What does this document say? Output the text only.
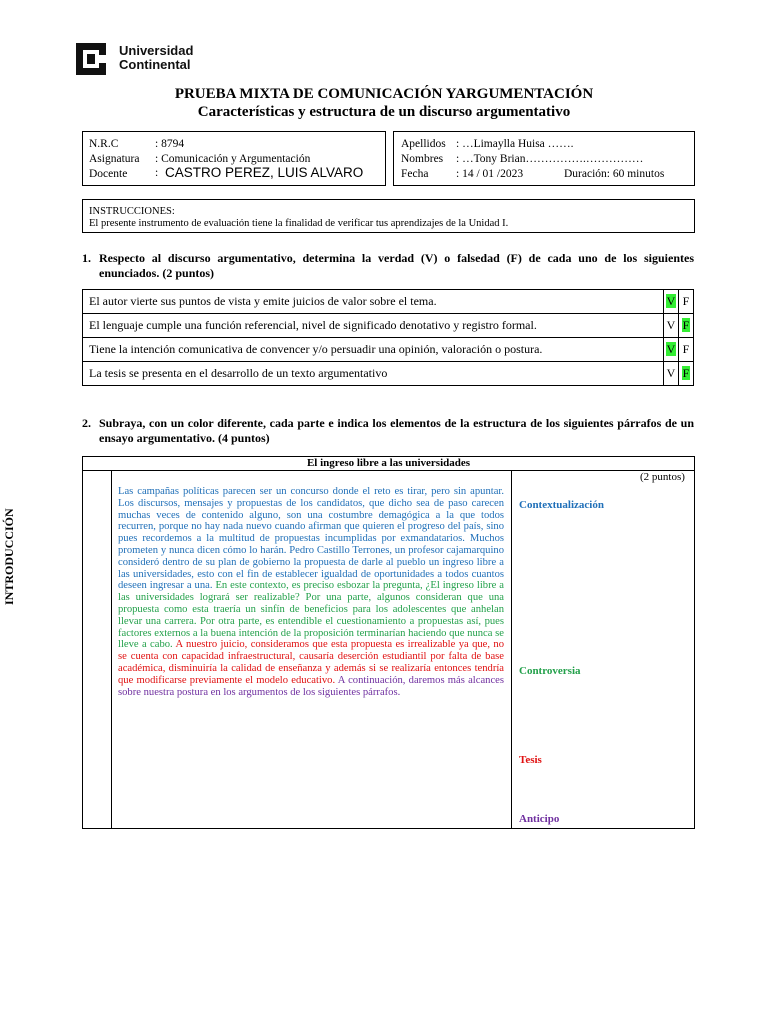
Universidad
Continental
PRUEBA MIXTA DE COMUNICACIÓN YARGUMENTACIÓN
Características y estructura de un discurso argumentativo
N.R.C	: 8794
Asignatura : Comunicación y Argumentación
Docente : CASTRO PEREZ, LUIS ALVARO
Apellidos : …Limaylla Huisa …….
Nombres : …Tony Brian…………….……………
Fecha : 14 / 01 /2023	Duración: 60 minutos
INSTRUCCIONES:
El presente instrumento de evaluación tiene la finalidad de verificar tus aprendizajes de la Unidad I.
1. Respecto al discurso argumentativo, determina la verdad (V) o falsedad (F) de cada uno de los siguientes enunciados. (2 puntos)
El autor vierte sus puntos de vista y emite juicios de valor sobre el tema.	V	F
El lenguaje cumple una función referencial, nivel de significado denotativo y registro formal.	V	F
Tiene la intención comunicativa de convencer y/o persuadir una opinión, valoración o postura.	V	F
La tesis se presenta en el desarrollo de un texto argumentativo	V	F
2. Subraya, con un color diferente, cada parte e indica los elementos de la estructura de los siguientes párrafos de un ensayo argumentativo. (4 puntos)
El ingreso libre a las universidades
INTRODUCCIÓN
(2 puntos)
Las campañas políticas parecen ser un concurso donde el reto es tirar, pero sin apuntar. Los discursos, mensajes y propuestas de los candidatos, que dicho sea de paso carecen muchas veces de contenido alguno, son una costumbre demagógica a la que todos recurren, porque no hay nada nuevo cuando afirman que quieren el progreso del país, sino pues recordemos a la multitud de propuestas incumplidas por exmandatarios. Muchos prometen y nunca dicen cómo lo harán. Pedro Castillo Terrones, un profesor cajamarquino consideró dentro de su plan de gobierno la propuesta de darle al pueblo un ingreso libre a las universidades, esto con el fin de establecer igualdad de oportunidades a todos cuantos deseen ingresar a una. En este contexto, es preciso esbozar la pregunta, ¿El ingreso libre a las universidades logrará ser realizable? Por una parte, algunos consideran que una propuesta como esta traería un sinfín de beneficios para los adolescentes que anhelan llevar una carrera. Por otra parte, es entendible el cuestionamiento a propuestas así, pues factores externos a la buena intención de la proposición terminarían haciendo que nunca se lleve a cabo. A nuestro juicio, consideramos que esta propuesta es irrealizable ya que, no se cuenta con capacidad infraestructural, causaría deserción estudiantil por falta de base académica, disminuiría la calidad de enseñanza y además si se realizaría entonces tendría que modificarse previamente el modelo educativo. A continuación, daremos más alcances sobre nuestra postura en los argumentos de los siguientes párrafos.
Contextualización
Controversia
Tesis
Anticipo
